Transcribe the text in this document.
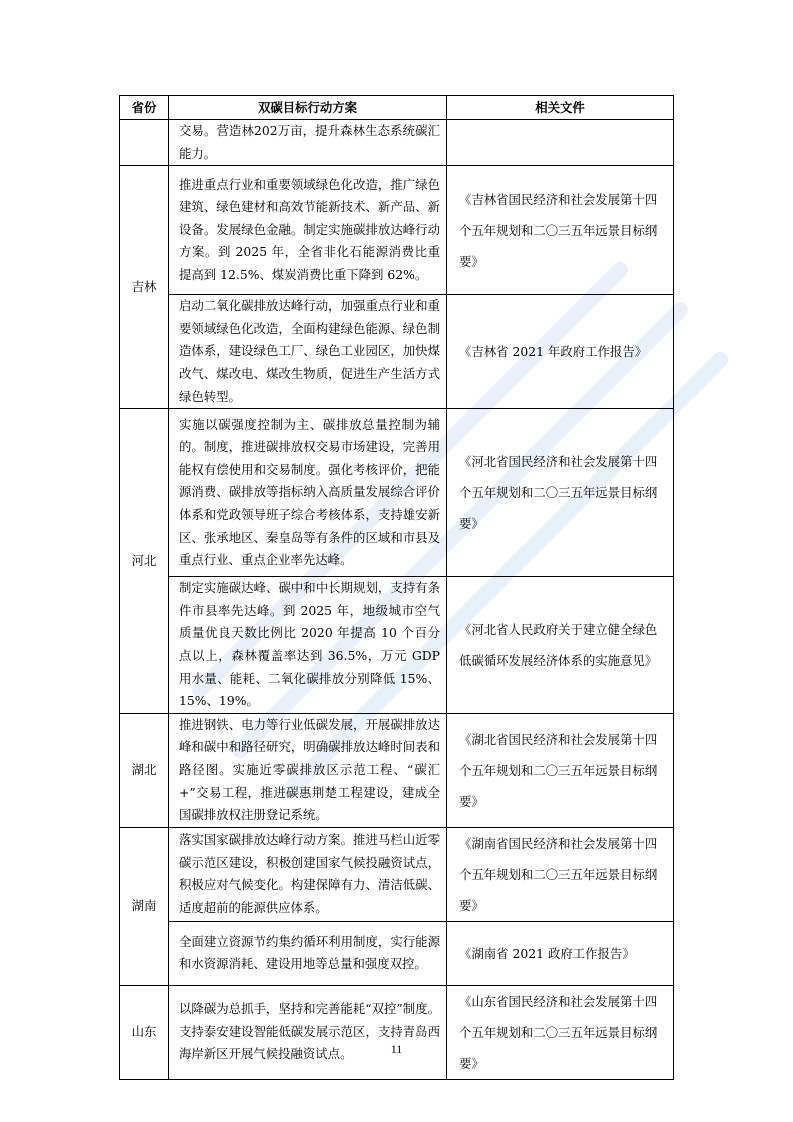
省份	双碳目标行动方案	相关文件
	交易。营造林202万亩，提升森林生态系统碳汇能力。	
吉林	推进重点行业和重要领域绿色化改造，推广绿色建筑、绿色建材和高效节能新技术、新产品、新设备。发展绿色金融。制定实施碳排放达峰行动方案。到 2025 年，全省非化石能源消费比重提高到 12.5%、煤炭消费比重下降到 62%。	《吉林省国民经济和社会发展第十四个五年规划和二〇三五年远景目标纲要》
	启动二氧化碳排放达峰行动，加强重点行业和重要领域绿色化改造，全面构建绿色能源、绿色制造体系，建设绿色工厂、绿色工业园区，加快煤改气、煤改电、煤改生物质，促进生产生活方式绿色转型。	《吉林省 2021 年政府工作报告》
河北	实施以碳强度控制为主、碳排放总量控制为辅的。制度，推进碳排放权交易市场建设，完善用能权有偿使用和交易制度。强化考核评价，把能源消费、碳排放等指标纳入高质量发展综合评价体系和党政领导班子综合考核体系，支持雄安新区、张承地区、秦皇岛等有条件的区域和市县及重点行业、重点企业率先达峰。	《河北省国民经济和社会发展第十四个五年规划和二〇三五年远景目标纲要》
	制定实施碳达峰、碳中和中长期规划，支持有条件市县率先达峰。到 2025 年，地级城市空气质量优良天数比例比 2020 年提高 10 个百分点以上，森林覆盖率达到 36.5%，万元 GDP 用水量、能耗、二氧化碳排放分别降低 15%、15%、19%。	《河北省人民政府关于建立健全绿色低碳循环发展经济体系的实施意见》
湖北	推进钢铁、电力等行业低碳发展，开展碳排放达峰和碳中和路径研究，明确碳排放达峰时间表和路径图。实施近零碳排放区示范工程、“碳汇+”交易工程，推进碳惠荆楚工程建设，建成全国碳排放权注册登记系统。	《湖北省国民经济和社会发展第十四个五年规划和二〇三五年远景目标纲要》
湖南	落实国家碳排放达峰行动方案。推进马栏山近零碳示范区建设，积极创建国家气候投融资试点，积极应对气候变化。构建保障有力、清洁低碳、适度超前的能源供应体系。	《湖南省国民经济和社会发展第十四个五年规划和二〇三五年远景目标纲要》
	全面建立资源节约集约循环利用制度，实行能源和水资源消耗、建设用地等总量和强度双控。	《湖南省 2021 政府工作报告》
山东	以降碳为总抓手，坚持和完善能耗“双控”制度。支持泰安建设智能低碳发展示范区，支持青岛西海岸新区开展气候投融资试点。	《山东省国民经济和社会发展第十四个五年规划和二〇三五年远景目标纲要》
11
